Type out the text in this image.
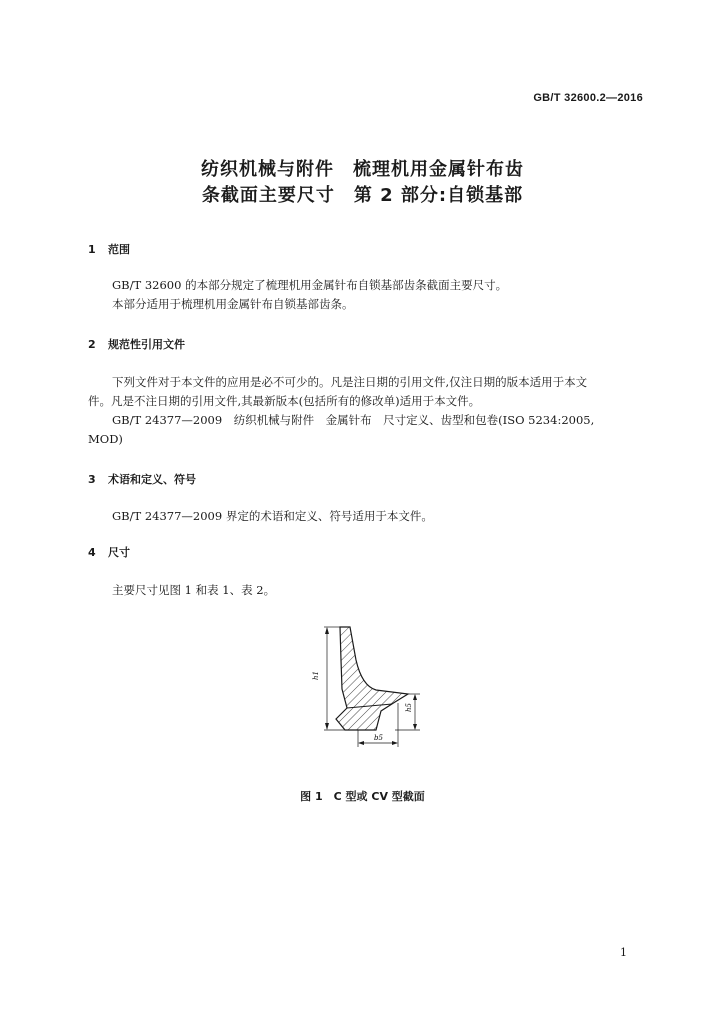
GB/T 32600.2—2016
纺织机械与附件　梳理机用金属针布齿
条截面主要尺寸　第 2 部分:自锁基部
1 范围
GB/T 32600 的本部分规定了梳理机用金属针布自锁基部齿条截面主要尺寸。
本部分适用于梳理机用金属针布自锁基部齿条。
2 规范性引用文件
下列文件对于本文件的应用是必不可少的。凡是注日期的引用文件,仅注日期的版本适用于本文
件。凡是不注日期的引用文件,其最新版本(包括所有的修改单)适用于本文件。
GB/T 24377—2009　纺织机械与附件　金属针布　尺寸定义、齿型和包卷(ISO 5234:2005,
MOD)
3 术语和定义、符号
GB/T 24377—2009 界定的术语和定义、符号适用于本文件。
4 尺寸
主要尺寸见图 1 和表 1、表 2。
h1
h5
b5
图 1　C 型或 CV 型截面
1
